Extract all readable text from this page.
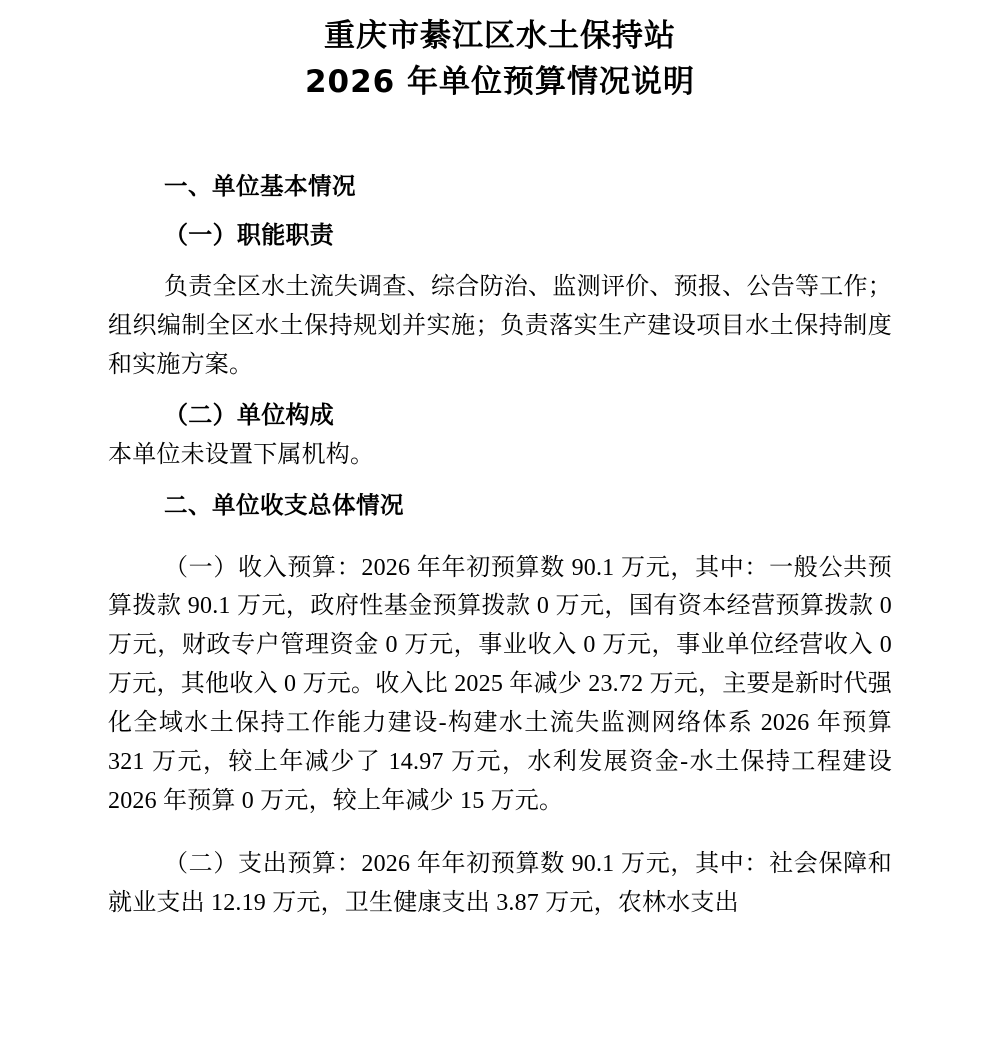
重庆市綦江区水土保持站
2026 年单位预算情况说明
一、单位基本情况
（一）职能职责

负责全区水土流失调查、综合防治、监测评价、预报、公告等工作；组织编制全区水土保持规划并实施；负责落实生产建设项目水土保持制度和实施方案。

（二）单位构成

本单位未设置下属机构。

二、单位收支总体情况

（一）收入预算：2026 年年初预算数 90.1 万元，其中：一般公共预算拨款 90.1 万元，政府性基金预算拨款 0 万元，国有资本经营预算拨款 0 万元，财政专户管理资金 0 万元，事业收入 0 万元，事业单位经营收入 0 万元，其他收入 0 万元。收入比 2025 年减少 23.72 万元，主要是新时代强化全域水土保持工作能力建设-构建水土流失监测网络体系 2026 年预算 321 万元，较上年减少了 14.97 万元，水利发展资金-水土保持工程建设 2026 年预算 0 万元，较上年减少 15 万元。

（二）支出预算：2026 年年初预算数 90.1 万元，其中：社会保障和就业支出 12.19 万元，卫生健康支出 3.87 万元，农林水支出
